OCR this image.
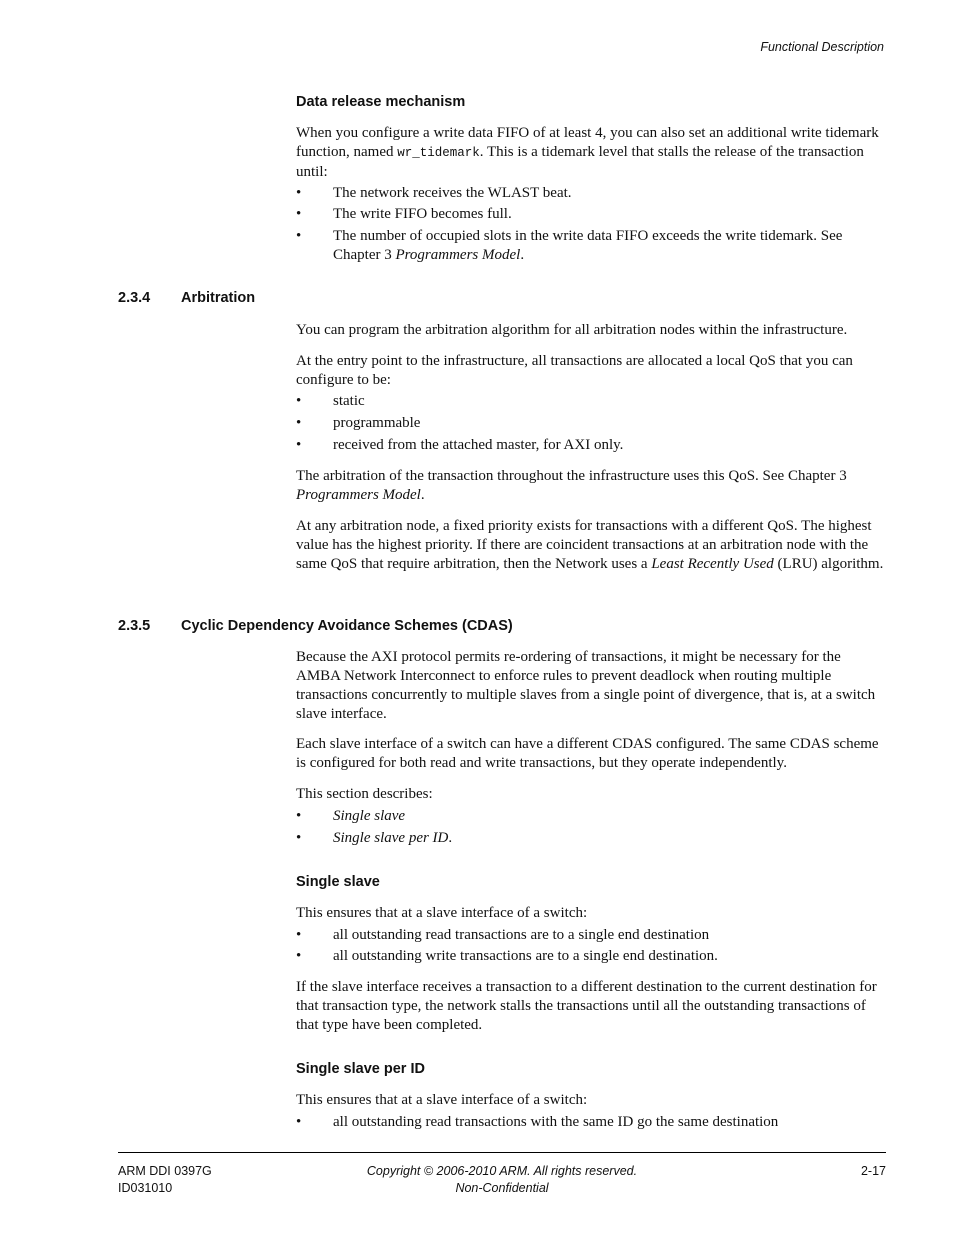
Functional Description
Data release mechanism
When you configure a write data FIFO of at least 4, you can also set an additional write tidemark function, named wr_tidemark. This is a tidemark level that stalls the release of the transaction until:
• The network receives the WLAST beat.
• The write FIFO becomes full.
• The number of occupied slots in the write data FIFO exceeds the write tidemark. See Chapter 3 Programmers Model.
2.3.4 Arbitration
You can program the arbitration algorithm for all arbitration nodes within the infrastructure.
At the entry point to the infrastructure, all transactions are allocated a local QoS that you can configure to be:
• static
• programmable
• received from the attached master, for AXI only.
The arbitration of the transaction throughout the infrastructure uses this QoS. See Chapter 3 Programmers Model.
At any arbitration node, a fixed priority exists for transactions with a different QoS. The highest value has the highest priority. If there are coincident transactions at an arbitration node with the same QoS that require arbitration, then the Network uses a Least Recently Used (LRU) algorithm.
2.3.5 Cyclic Dependency Avoidance Schemes (CDAS)
Because the AXI protocol permits re-ordering of transactions, it might be necessary for the AMBA Network Interconnect to enforce rules to prevent deadlock when routing multiple transactions concurrently to multiple slaves from a single point of divergence, that is, at a switch slave interface.
Each slave interface of a switch can have a different CDAS configured. The same CDAS scheme is configured for both read and write transactions, but they operate independently.
This section describes:
• Single slave
• Single slave per ID.
Single slave
This ensures that at a slave interface of a switch:
• all outstanding read transactions are to a single end destination
• all outstanding write transactions are to a single end destination.
If the slave interface receives a transaction to a different destination to the current destination for that transaction type, the network stalls the transactions until all the outstanding transactions of that type have been completed.
Single slave per ID
This ensures that at a slave interface of a switch:
• all outstanding read transactions with the same ID go the same destination
ARM DDI 0397G
ID031010
Copyright © 2006-2010 ARM. All rights reserved.
Non-Confidential
2-17
